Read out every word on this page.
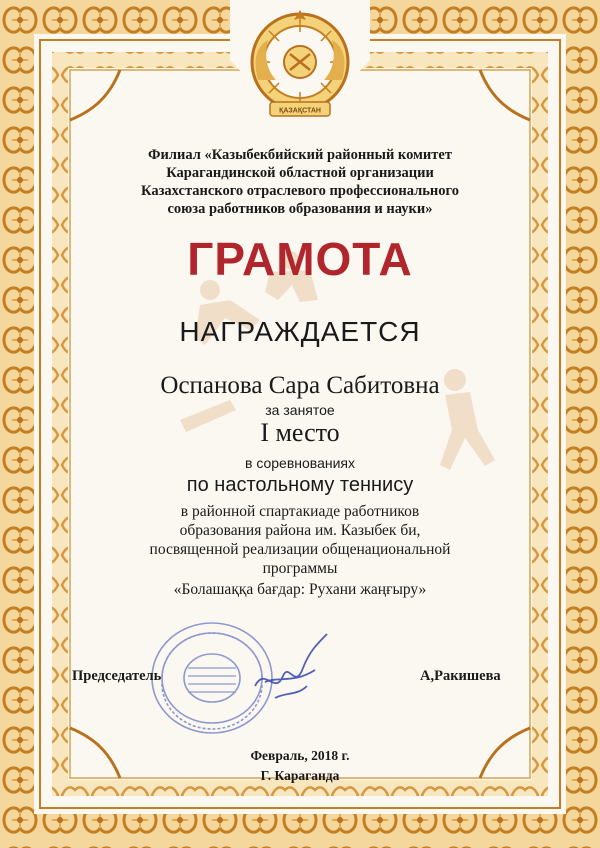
ҚАЗАҚСТАН
Филиал «Казыбекбийский районный комитет
Карагандинской областной организации
Казахстанского отраслевого профессионального
союза работников образования и науки»
ГРАМОТА
НАГРАЖДАЕТСЯ
Оспанова Сара Сабитовна
за занятое
I место
в соревнованиях
по настольному теннису
в районной спартакиаде работников
образования района им. Казыбек би,
посвященной реализации общенациональной
программы
«Болашаққа бағдар: Рухани жаңғыру»
Председатель	А,Ракишева
Февраль, 2018 г.
Г. Караганда
